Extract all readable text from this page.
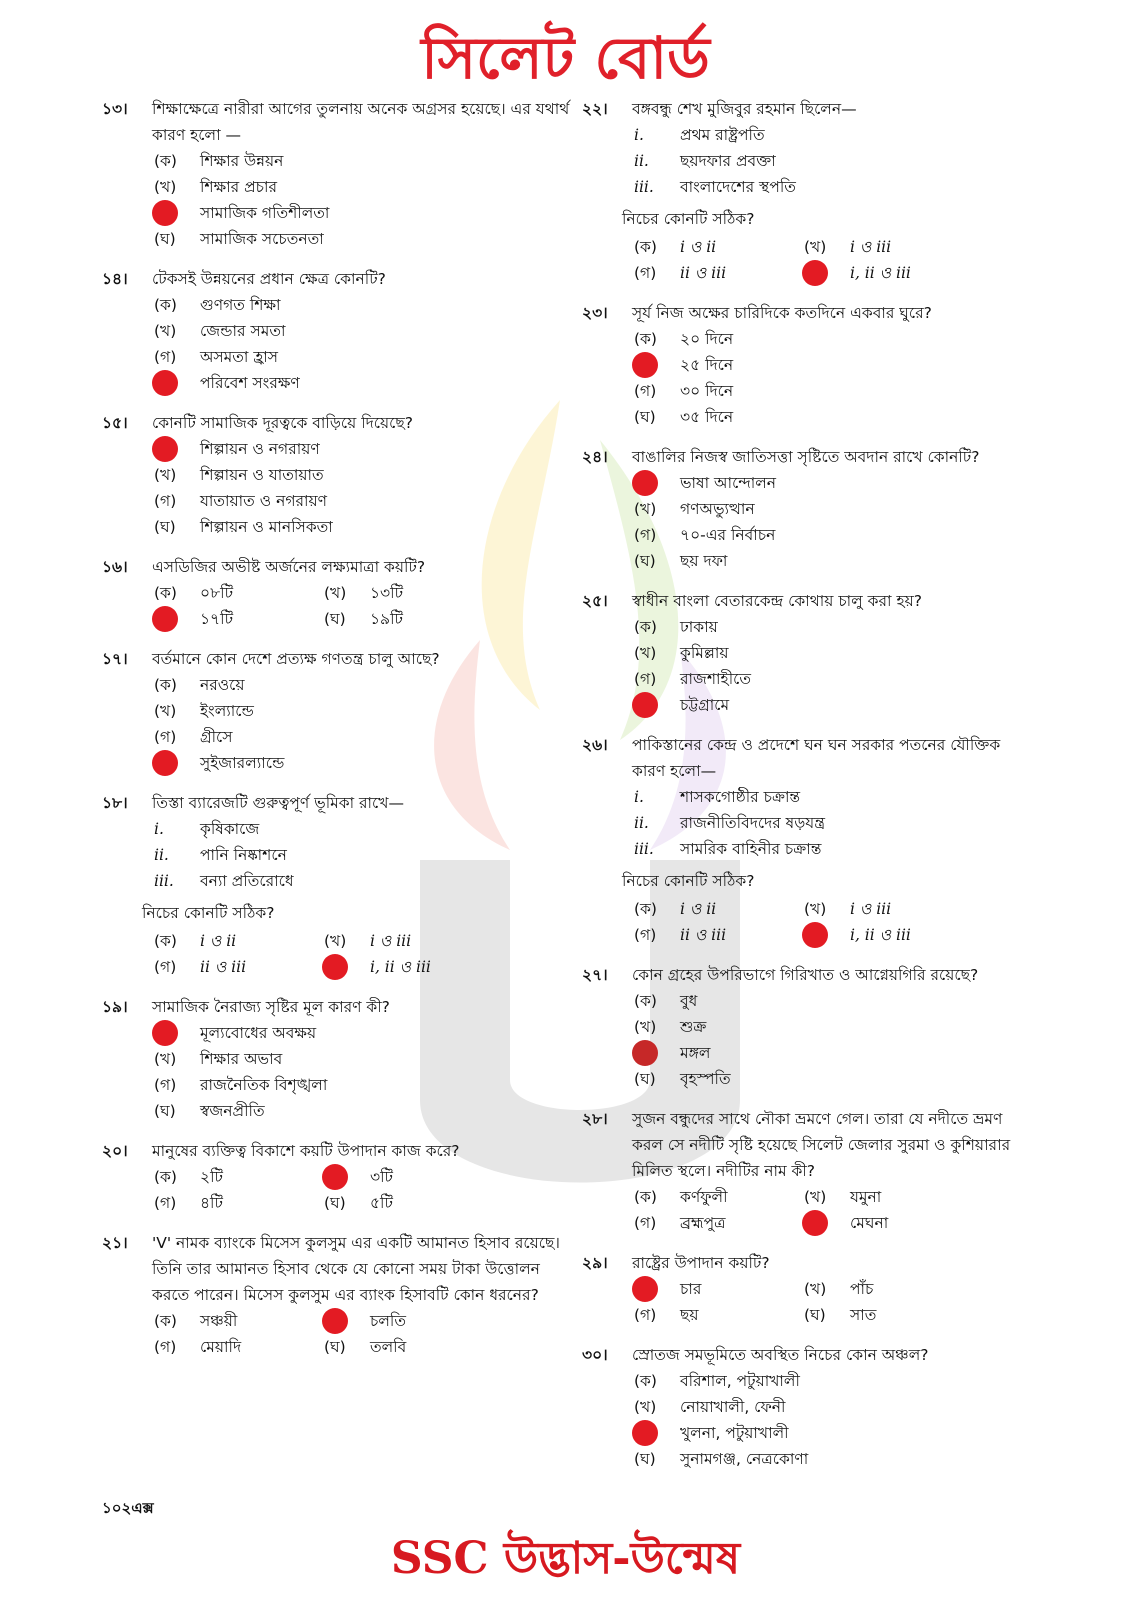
সিলেট বোর্ড
১৩।	শিক্ষাক্ষেত্রে নারীরা আগের তুলনায় অনেক অগ্রসর হয়েছে। এর যথার্থ কারণ হলো —
(ক)	শিক্ষার উন্নয়ন
(খ)	শিক্ষার প্রচার
সামাজিক গতিশীলতা
(ঘ)	সামাজিক সচেতনতা
১৪।	টেকসই উন্নয়নের প্রধান ক্ষেত্র কোনটি?
(ক)	গুণগত শিক্ষা
(খ)	জেন্ডার সমতা
(গ)	অসমতা হ্রাস
পরিবেশ সংরক্ষণ
১৫।	কোনটি সামাজিক দূরত্বকে বাড়িয়ে দিয়েছে?
শিল্পায়ন ও নগরায়ণ
(খ)	শিল্পায়ন ও যাতায়াত
(গ)	যাতায়াত ও নগরায়ণ
(ঘ)	শিল্পায়ন ও মানসিকতা
১৬।	এসডিজির অভীষ্ট অর্জনের লক্ষ্যমাত্রা কয়টি?
(ক)	০৮টি	(খ)	১৩টি
১৭টি	(ঘ)	১৯টি
১৭।	বর্তমানে কোন দেশে প্রত্যক্ষ গণতন্ত্র চালু আছে?
(ক)	নরওয়ে
(খ)	ইংল্যান্ডে
(গ)	গ্রীসে
সুইজারল্যান্ডে
১৮।	তিস্তা ব্যারেজটি গুরুত্বপূর্ণ ভূমিকা রাখে—
i.	কৃষিকাজে
ii.	পানি নিষ্কাশনে
iii.	বন্যা প্রতিরোধে
নিচের কোনটি সঠিক?
(ক)	i ও ii	(খ)	i ও iii
(গ)	ii ও iii	i, ii ও iii
১৯।	সামাজিক নৈরাজ্য সৃষ্টির মূল কারণ কী?
মূল্যবোধের অবক্ষয়
(খ)	শিক্ষার অভাব
(গ)	রাজনৈতিক বিশৃঙ্খলা
(ঘ)	স্বজনপ্রীতি
২০।	মানুষের ব্যক্তিত্ব বিকাশে কয়টি উপাদান কাজ করে?
(ক)	২টি	৩টি
(গ)	৪টি	(ঘ)	৫টি
২১।	'V' নামক ব্যাংকে মিসেস কুলসুম এর একটি আমানত হিসাব রয়েছে। তিনি তার আমানত হিসাব থেকে যে কোনো সময় টাকা উত্তোলন করতে পারেন। মিসেস কুলসুম এর ব্যাংক হিসাবটি কোন ধরনের?
(ক)	সঞ্চয়ী	চলতি
(গ)	মেয়াদি	(ঘ)	তলবি
২২।	বঙ্গবন্ধু শেখ মুজিবুর রহমান ছিলেন—
i.	প্রথম রাষ্ট্রপতি
ii.	ছয়দফার প্রবক্তা
iii.	বাংলাদেশের স্থপতি
নিচের কোনটি সঠিক?
(ক)	i ও ii	(খ)	i ও iii
(গ)	ii ও iii	i, ii ও iii
২৩।	সূর্য নিজ অক্ষের চারিদিকে কতদিনে একবার ঘুরে?
(ক)	২০ দিনে
২৫ দিনে
(গ)	৩০ দিনে
(ঘ)	৩৫ দিনে
২৪।	বাঙালির নিজস্ব জাতিসত্তা সৃষ্টিতে অবদান রাখে কোনটি?
ভাষা আন্দোলন
(খ)	গণঅভ্যুত্থান
(গ)	৭০-এর নির্বাচন
(ঘ)	ছয় দফা
২৫।	স্বাধীন বাংলা বেতারকেন্দ্র কোথায় চালু করা হয়?
(ক)	ঢাকায়
(খ)	কুমিল্লায়
(গ)	রাজশাহীতে
চট্টগ্রামে
২৬।	পাকিস্তানের কেন্দ্র ও প্রদেশে ঘন ঘন সরকার পতনের যৌক্তিক কারণ হলো—
i.	শাসকগোষ্ঠীর চক্রান্ত
ii.	রাজনীতিবিদদের ষড়যন্ত্র
iii.	সামরিক বাহিনীর চক্রান্ত
নিচের কোনটি সঠিক?
(ক)	i ও ii	(খ)	i ও iii
(গ)	ii ও iii	i, ii ও iii
২৭।	কোন গ্রহের উপরিভাগে গিরিখাত ও আগ্নেয়গিরি রয়েছে?
(ক)	বুধ
(খ)	শুক্র
মঙ্গল
(ঘ)	বৃহস্পতি
২৮।	সুজন বন্ধুদের সাথে নৌকা ভ্রমণে গেল। তারা যে নদীতে ভ্রমণ করল সে নদীটি সৃষ্টি হয়েছে সিলেট জেলার সুরমা ও কুশিয়ারার মিলিত স্থলে। নদীটির নাম কী?
(ক)	কর্ণফুলী	(খ)	যমুনা
(গ)	ব্রহ্মপুত্র	মেঘনা
২৯।	রাষ্ট্রের উপাদান কয়টি?
চার	(খ)	পাঁচ
(গ)	ছয়	(ঘ)	সাত
৩০।	স্রোতজ সমভূমিতে অবস্থিত নিচের কোন অঞ্চল?
(ক)	বরিশাল, পটুয়াখালী
(খ)	নোয়াখালী, ফেনী
খুলনা, পটুয়াখালী
(ঘ)	সুনামগঞ্জ, নেত্রকোণা
১০২এক্স
SSC উদ্ভাস-উন্মেষ
